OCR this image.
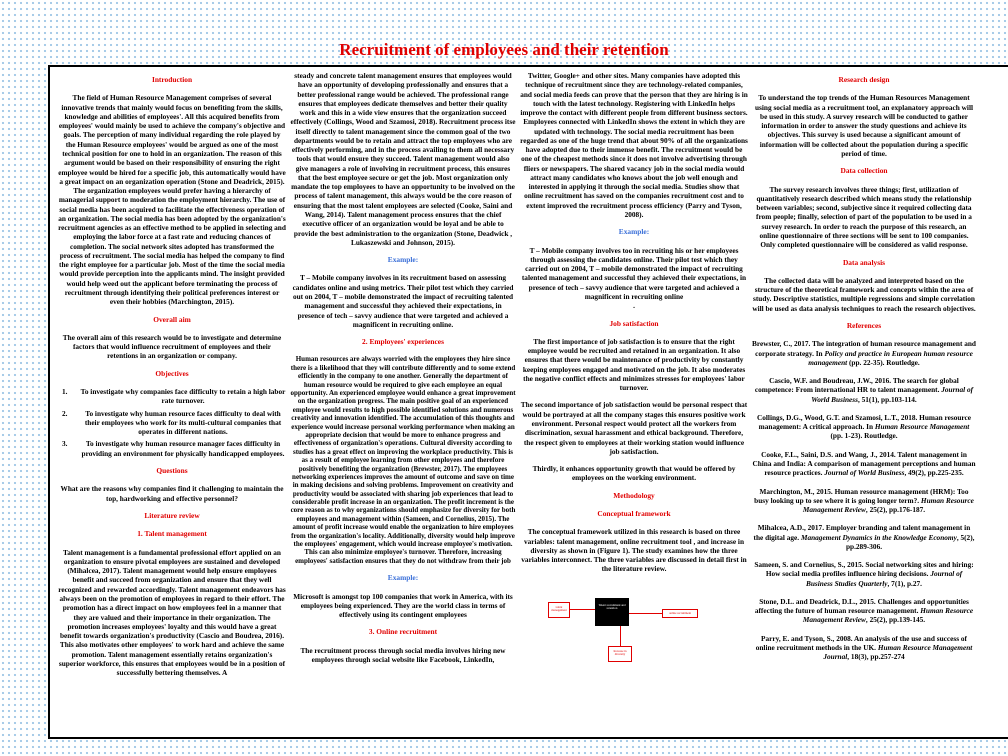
Recruitment of employees and their retention
Introduction

The field of Human Resource Management comprises of several innovative trends that mainly would focus on benefiting from the skills, knowledge and abilities of employees'. All this acquired benefits from employees' would mainly be used to achieve the company's objective and goals. The perception of many individual regarding the role played by the Human Resource employees' would be argued as one of the most technical position for one to hold in an organization. The reason of this argument would be based on their responsibility of ensuring the right employee would be hired for a specific job, this automatically would have a great impact on an organization operation (Stone and Deadrick, 2015). The organization employees would prefer having a hierarchy of managerial support to moderation the employment hierarchy. The use of social media has been acquired to facilitate the effectiveness operation of an organization. The social media has been adopted by the organization's recruitment agencies as an effective method to be applied in selecting and employing the labor force at a fast rate and reducing chances of completion. The social network sites adopted has transformed the process of recruitment. The social media has helped the company to find the right employee for a particular job. Most of the time the social media would provide perception into the applicants mind. The insight provided would help weed out the applicant before terminating the process of recruitment through identifying their political preferences interest or even their hobbies (Marchington, 2015).

Overall aim

The overall aim of this research would be to investigate and determine factors that would influence recruitment of employees and their retentions in an organization or company.

Objectives
1. To investigate why companies face difficulty to retain a high labor rate turnover.
2. To investigate why human resource faces difficulty to deal with their employees who work for its multi-cultural companies that operates in different nations.
3.	To investigate why human resource manager faces difficulty in providing an environment for physically handicapped employees.
Questions

What are the reasons why companies find it challenging to maintain the top, hardworking and effective personnel?

Literature review
1. Talent management

Talent management is a fundamental professional effort applied on an organization to ensure pivotal employees are sustained and developed (Mihalcea, 2017). Talent management would help ensure employees benefit and succeed from organization and ensure that they well recognized and rewarded accordingly. Talent management endeavors has always been on the promotion of employees in regard to their effort. The promotion has a direct impact on how employees feel in a manner that they are valued and their importance in their organization. The promotion increases employees' loyalty and this would have a great benefit towards organization's productivity (Cascio and Boudrea, 2016). This also motivates other employees' to work hard and achieve the same promotion. Talent management essentially retains organization's superior workforce, this ensures that employees would be in a position of successfully bettering themselves. A

steady and concrete talent management ensures that employees would have an opportunity of developing professionally and ensures that a better professional range would be achieved. The professional range ensures that employees dedicate themselves and better their quality work and this in a wide view ensures that the organization succeed effectively (Collings, Wood and Szamosi, 2018). Recruitment process itse itself directly to talent management since the common goal of the two departments would be to retain and attract the top employees who are effectively performing, and in the process availing to them all necessary tools that would ensure they succeed. Talent management would also give managers a role of involving in recruitment process, this ensures that the best employee secure or get the job. Most organization only mandate the top employees to have an opportunity to be involved on the process of talent management, this always would be the core reason of ensuring that the most talent employees are selected (Cooke, Saini and Wang, 2014). Talent management process ensures that the chief executive officer of an organization would be loyal and be able to provide the best administration to the organization (Stone, Deadwick , Lukaszewski and Johnson, 2015).

Example:

T – Mobile company involves in its recruitment based on assessing candidates online and using metrics. Their pilot test which they carried out on 2004, T – mobile demonstrated the impact of recruiting talented management and successful they achieved their expectations, in presence of tech – savvy audience that were targeted and achieved a magnificent in recruiting online.

2. Employees' experiences

Human resources are always worried with the employees they hire since there is a likelihood that they will contribute differently and to some extend efficiently in the company to one another. Generally the department of human resource would be required to give each employee an equal opportunity. An experienced employee would enhance a great improvement on the organization progress. The main positive goal of an experienced employee would results to high possible identified solutions and numerous creativity and innovation identified. The accumulation of this thoughts and experience would increase personal working performance when making an appropriate decision that would be more to enhance progress and effectiveness of organization's operations. Cultural diversity according to studies has a great effect on improving the workplace productivity. This is as a result of employee learning from other employees and therefore positively benefiting the organization (Brewster, 2017). The employees networking experiences improves the amount of outcome and save on time in making decisions and solving problems. Improvement on creativity and productivity would be associated with sharing job experiences that lead to considerable profit increase in an organization. The profit increment is the core reason as to why organizations should emphasize for diversity for both employees and management within (Sameen, and Cornelius, 2015). The amount of profit increase would enable the organization to hire employees from the organization's locality. Additionally, diversity would help improve the employees' engagement, which would increase employee's motivation. This can also minimize employee's turnover. Therefore, increasing employees' satisfaction ensures that they do not withdraw from their job

Example:

Microsoft is amongst top 100 companies that work in America, with its employees being experienced. They are the world class in terms of effectively using its contingent employees

3. Online recruitment

The recruitment process through social media involves hiring new employees through social website like Facebook, LinkedIn,

Twitter, Google+ and other sites. Many companies have adopted this technique of recruitment since they are technology-related companies, and social media feeds can prove that the person that they are hiring is in touch with the latest technology. Registering with LinkedIn helps improve the contact with different people from different business sectors. Employees connected with LinkedIn shows the extent in which they are updated with technology. The social media recruitment has been regarded as one of the huge trend that about 90% of all the organizations have adopted due to their immense benefit. The recruitment would be one of the cheapest methods since it does not involve advertising through fliers or newspapers. The shared vacancy job in the social media would attract many candidates who knows about the job well enough and interested in applying it through the social media. Studies show that online recruitment has saved on the companies recruitment cost and to extent improved the recruitment process efficiency (Parry and Tyson, 2008).

Example:

T – Mobile company involves too in recruiting his or her employees through assessing the candidates online. Their pilot test which they carried out on 2004, T – mobile demonstrated the impact of recruiting talented management and successful they achieved their expectations, in presence of tech – savvy audience that were targeted and achieved a magnificent in recruiting online
.

Job satisfaction

The first importance of job satisfaction is to ensure that the right employee would be recruited and retained in an organization. It also ensures that there would be maintenance of productivity by constantly keeping employees engaged and motivated on the job. It also moderates the negative conflict effects and minimizes stresses for employees' labor turnover.

The second importance of job satisfaction would be personal respect that would be portrayed at all the company stages this ensures positive work environment. Personal respect would protect all the workers from discrimination, sexual harassment and ethical background. Therefore, the respect given to employees at their working station would influence job satisfaction.

Thirdly, it enhances opportunity growth that would be offered by employees on the working environment.

Methodology
Conceptual framework

The conceptual framework utilized in this research is based on three variables: talent management, online recruitment tool , and increase in diversity as shown in (Figure 1). The study examines how the three variables interconnect. The three variables are discussed in detail first in the literature review.

talent management
Talent recruitment and retention
online recruitment
Increase in diversity
Research design

To understand the top trends of the Human Resources Management using social media as a recruitment tool, an explanatory approach will be used in this study. A survey research will be conducted to gather information in order to answer the study questions and achieve its objectives. This survey is used because a significant amount of information will be collected about the population during a specific period of time.

Data collection

The survey research involves three things; first, utilization of quantitatively research described which means study the relationship between variables; second, subjective since it required collecting data from people; finally, selection of part of the population to be used in a survey research. In order to reach the purpose of this research, an online questionnaire of three sections will be sent to 100 companies. Only completed questionnaire will be considered as valid response.

Data analysis

The collected data will be analyzed and interpreted based on the structure of the theoretical framework and concepts within the area of study. Descriptive statistics, multiple regressions and simple correlation will be used as data analysis techniques to reach the research objectives.

References
Brewster, C., 2017. The integration of human resource management and corporate strategy. In Policy and practice in European human resource management (pp. 22-35). Routledge.
Cascio, W.F. and Boudreau, J.W., 2016. The search for global competence: From international HR to talent management. Journal of World Business, 51(1), pp.103-114.
Collings, D.G., Wood, G.T. and Szamosi, L.T., 2018. Human resource management: A critical approach. In Human Resource Management (pp. 1-23). Routledge.
Cooke, F.L., Saini, D.S. and Wang, J., 2014. Talent management in China and India: A comparison of management perceptions and human resource practices. Journal of World Business, 49(2), pp.225-235.
Marchington, M., 2015. Human resource management (HRM): Too busy looking up to see where it is going longer term?. Human Resource Management Review, 25(2), pp.176-187.
Mihalcea, A.D., 2017. Employer branding and talent management in the digital age. Management Dynamics in the Knowledge Economy, 5(2), pp.289-306.
Sameen, S. and Cornelius, S., 2015. Social networking sites and hiring: How social media profiles influence hiring decisions. Journal of Business Studies Quarterly, 7(1), p.27.
Stone, D.L. and Deadrick, D.L., 2015. Challenges and opportunities affecting the future of human resource management. Human Resource Management Review, 25(2), pp.139-145.
Parry, E. and Tyson, S., 2008. An analysis of the use and success of online recruitment methods in the UK. Human Resource Management Journal, 18(3), pp.257-274
